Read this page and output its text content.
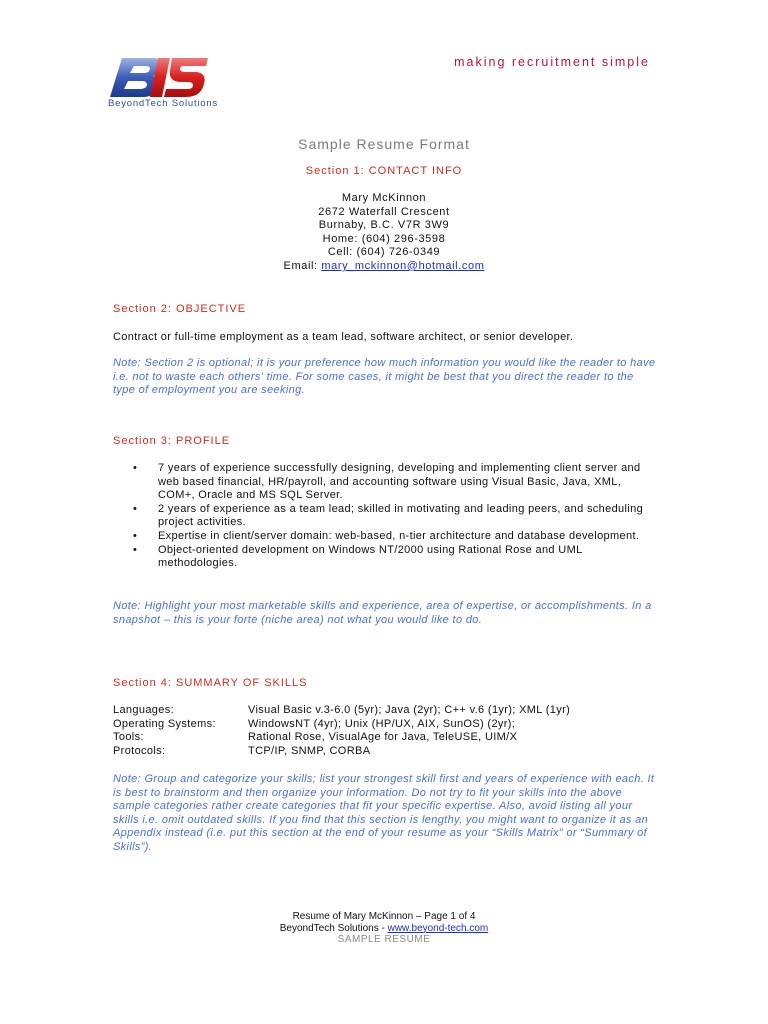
making recruitment simple
BeyondTech Solutions
Sample Resume Format
Section 1: CONTACT INFO
Mary McKinnon
2672 Waterfall Crescent
Burnaby, B.C. V7R 3W9
Home: (604) 296-3598
Cell: (604) 726-0349
Email: mary_mckinnon@hotmail.com
Section 2: OBJECTIVE
Contract or full-time employment as a team lead, software architect, or senior developer.
Note: Section 2 is optional; it is your preference how much information you would like the reader to have i.e. not to waste each others' time. For some cases, it might be best that you direct the reader to the type of employment you are seeking.
Section 3: PROFILE
• 7 years of experience successfully designing, developing and implementing client server and web based financial, HR/payroll, and accounting software using Visual Basic, Java, XML, COM+, Oracle and MS SQL Server.
• 2 years of experience as a team lead; skilled in motivating and leading peers, and scheduling project activities.
• Expertise in client/server domain: web-based, n-tier architecture and database development.
• Object-oriented development on Windows NT/2000 using Rational Rose and UML methodologies.
Note: Highlight your most marketable skills and experience, area of expertise, or accomplishments. In a snapshot – this is your forte (niche area) not what you would like to do.
Section 4: SUMMARY OF SKILLS
Languages:	Visual Basic v.3-6.0 (5yr); Java (2yr); C++ v.6 (1yr); XML (1yr)
Operating Systems:	WindowsNT (4yr); Unix (HP/UX, AIX, SunOS) (2yr);
Tools:	Rational Rose, VisualAge for Java, TeleUSE, UIM/X
Protocols:	TCP/IP, SNMP, CORBA
Note: Group and categorize your skills; list your strongest skill first and years of experience with each. It is best to brainstorm and then organize your information. Do not try to fit your skills into the above sample categories rather create categories that fit your specific expertise. Also, avoid listing all your skills i.e. omit outdated skills. If you find that this section is lengthy, you might want to organize it as an Appendix instead (i.e. put this section at the end of your resume as your “Skills Matrix” or “Summary of Skills”).
Resume of Mary McKinnon – Page 1 of 4
BeyondTech Solutions - www.beyond-tech.com
SAMPLE RESUME
